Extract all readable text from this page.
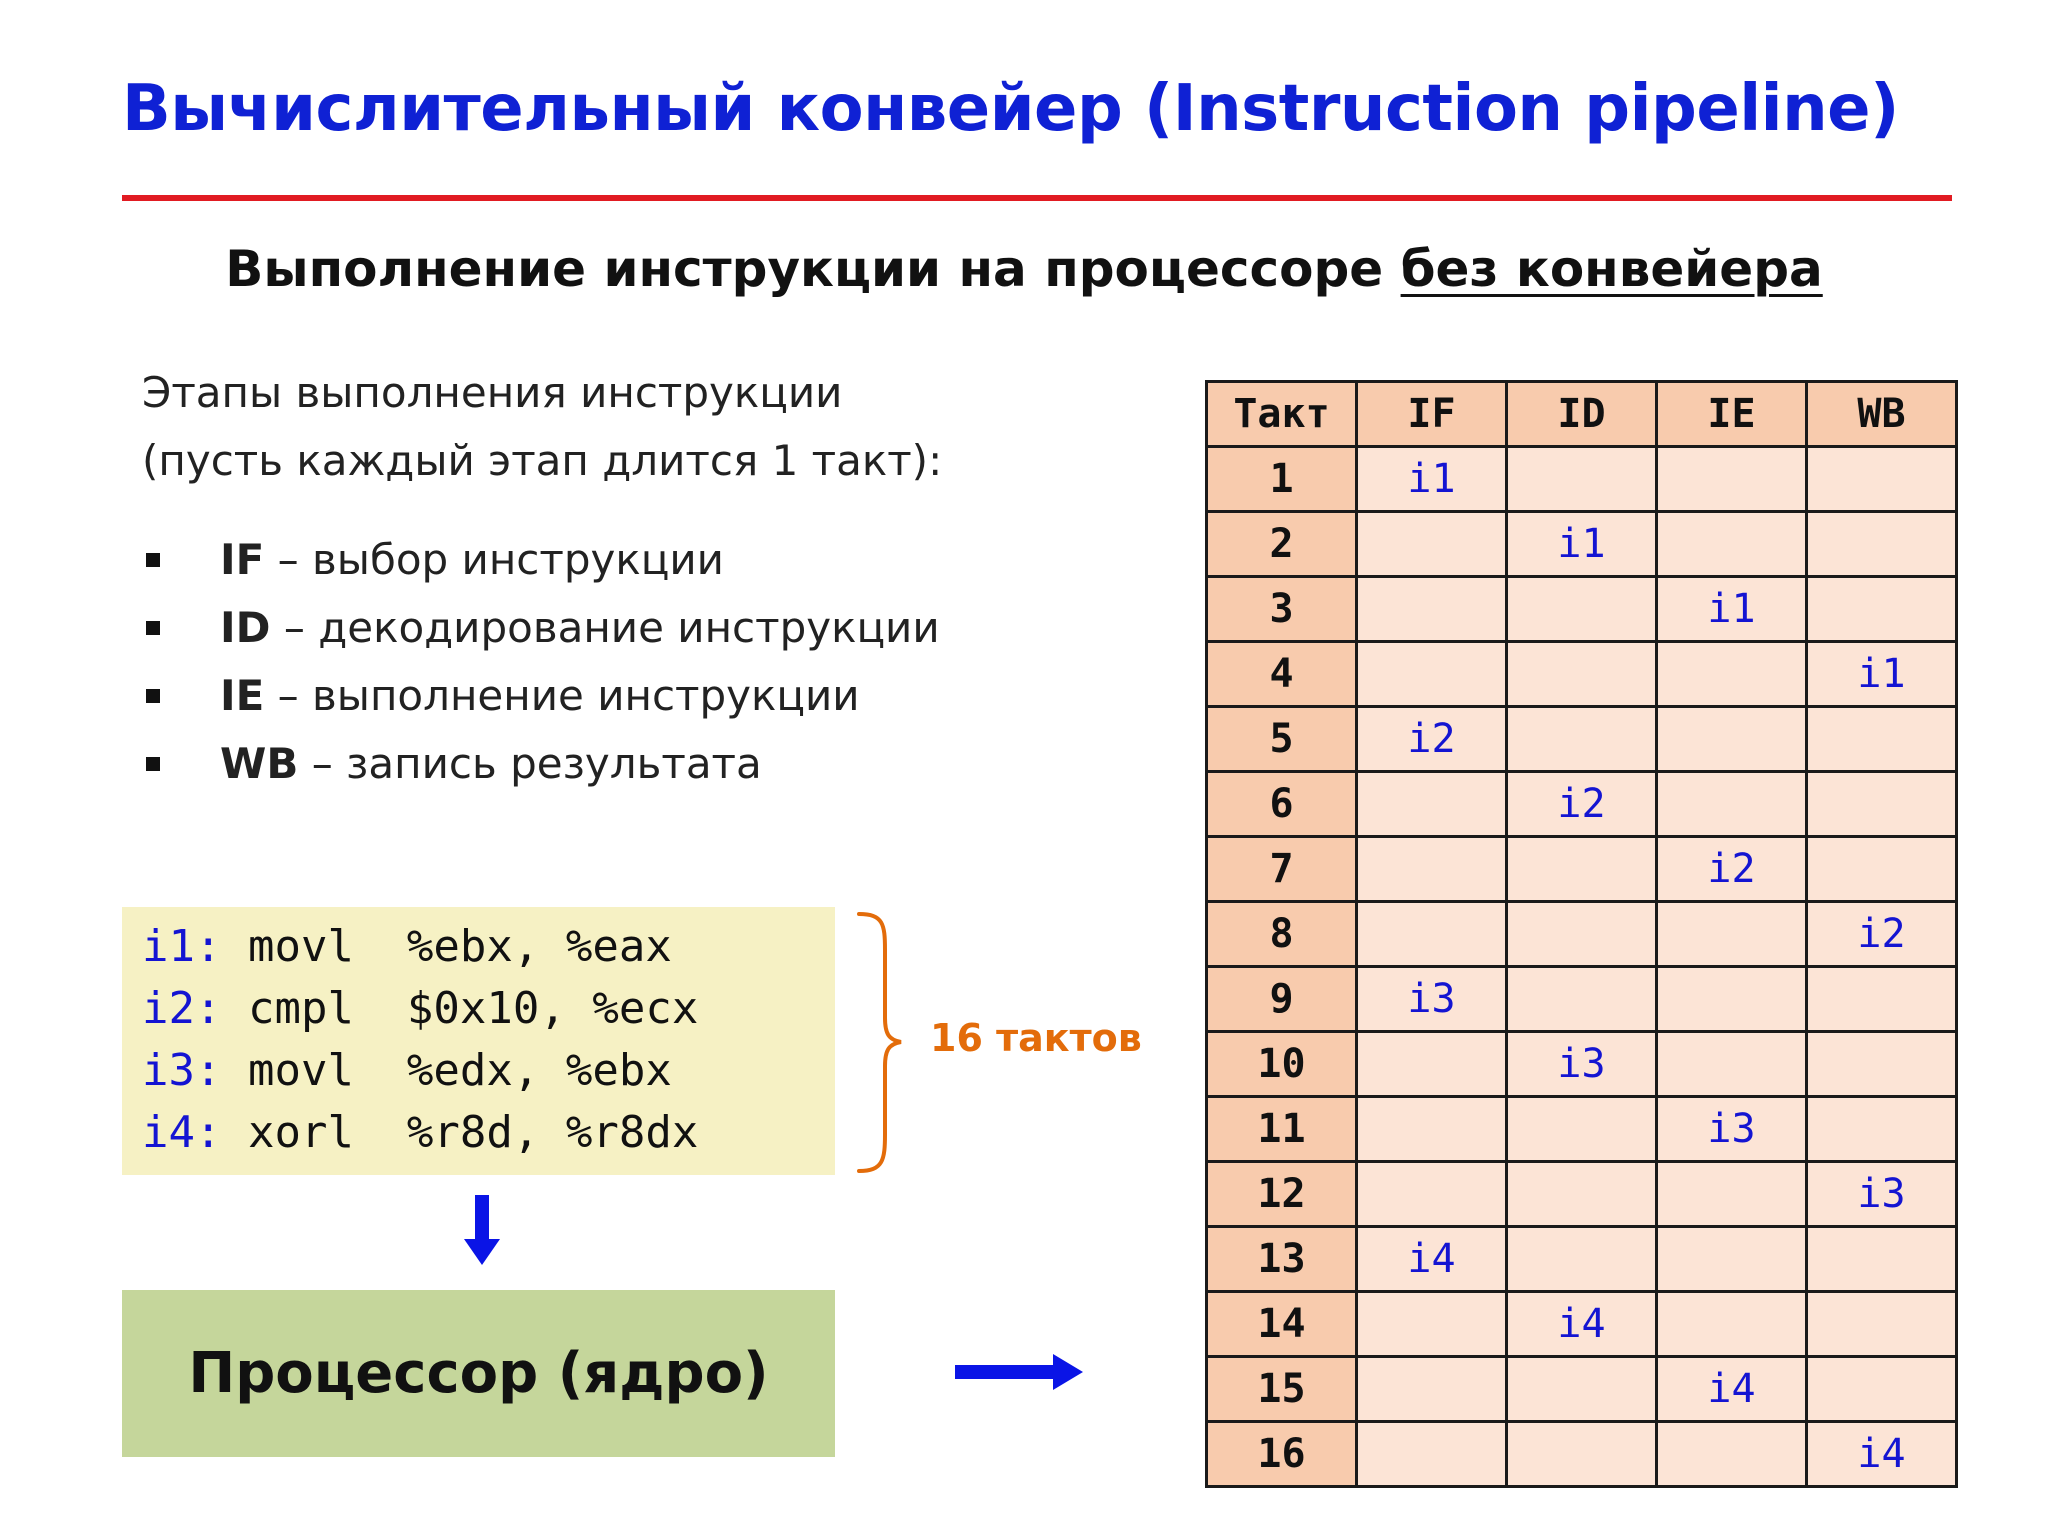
Вычислительный конвейер (Instruction pipeline)
Выполнение инструкции на процессоре без конвейера
Этапы выполнения инструкции
(пусть каждый этап длится 1 такт):
IF – выбор инструкции
ID – декодирование инструкции
IE – выполнение инструкции
WB – запись результата
i1: movl  %ebx, %eax
i2: cmpl  $0x10, %ecx
i3: movl  %edx, %ebx
i4: xorl  %r8d, %r8dx
16 тактов
Процессор (ядро)
Такт	IF	ID	IE	WB
1	i1			
2		i1		
3			i1	
4				i1
5	i2			
6		i2		
7			i2	
8				i2
9	i3			
10		i3		
11			i3	
12				i3
13	i4			
14		i4		
15			i4	
16				i4
